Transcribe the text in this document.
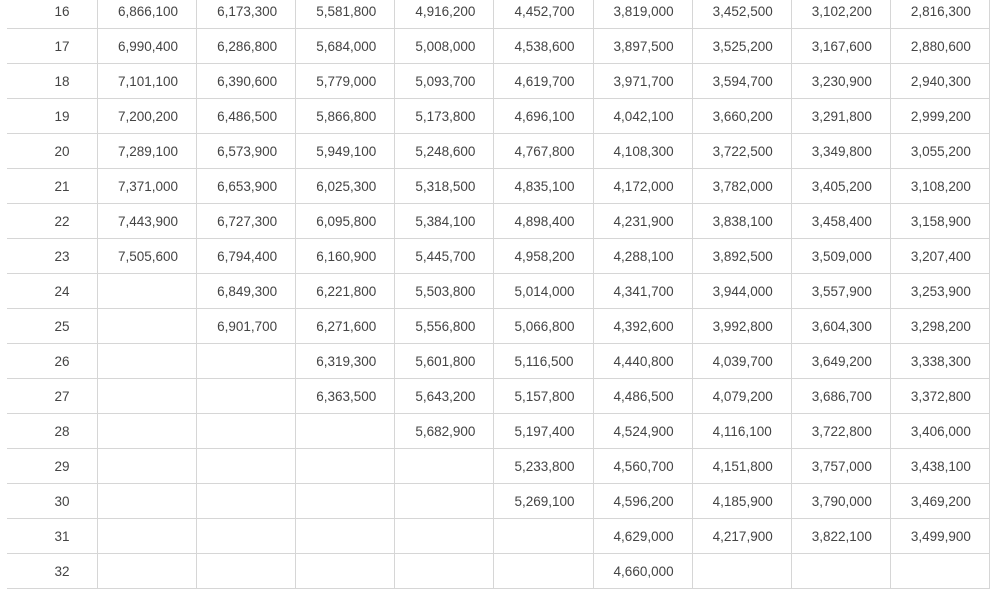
16	6,866,100	6,173,300	5,581,800	4,916,200	4,452,700	3,819,000	3,452,500	3,102,200	2,816,300
17	6,990,400	6,286,800	5,684,000	5,008,000	4,538,600	3,897,500	3,525,200	3,167,600	2,880,600
18	7,101,100	6,390,600	5,779,000	5,093,700	4,619,700	3,971,700	3,594,700	3,230,900	2,940,300
19	7,200,200	6,486,500	5,866,800	5,173,800	4,696,100	4,042,100	3,660,200	3,291,800	2,999,200
20	7,289,100	6,573,900	5,949,100	5,248,600	4,767,800	4,108,300	3,722,500	3,349,800	3,055,200
21	7,371,000	6,653,900	6,025,300	5,318,500	4,835,100	4,172,000	3,782,000	3,405,200	3,108,200
22	7,443,900	6,727,300	6,095,800	5,384,100	4,898,400	4,231,900	3,838,100	3,458,400	3,158,900
23	7,505,600	6,794,400	6,160,900	5,445,700	4,958,200	4,288,100	3,892,500	3,509,000	3,207,400
24		6,849,300	6,221,800	5,503,800	5,014,000	4,341,700	3,944,000	3,557,900	3,253,900
25		6,901,700	6,271,600	5,556,800	5,066,800	4,392,600	3,992,800	3,604,300	3,298,200
26			6,319,300	5,601,800	5,116,500	4,440,800	4,039,700	3,649,200	3,338,300
27			6,363,500	5,643,200	5,157,800	4,486,500	4,079,200	3,686,700	3,372,800
28				5,682,900	5,197,400	4,524,900	4,116,100	3,722,800	3,406,000
29					5,233,800	4,560,700	4,151,800	3,757,000	3,438,100
30					5,269,100	4,596,200	4,185,900	3,790,000	3,469,200
31						4,629,000	4,217,900	3,822,100	3,499,900
32						4,660,000			
